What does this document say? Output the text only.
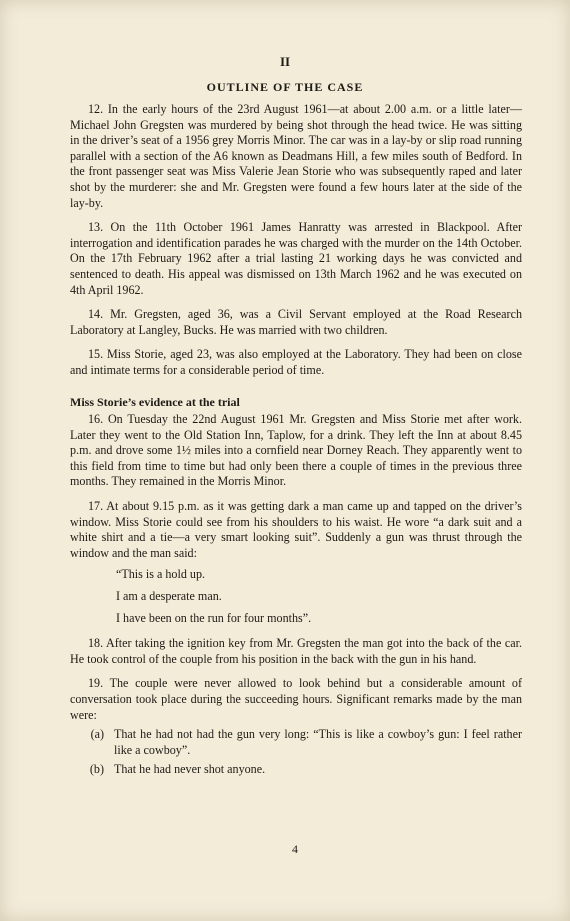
II
OUTLINE OF THE CASE

12. In the early hours of the 23rd August 1961—at about 2.00 a.m. or a little later—Michael John Gregsten was murdered by being shot through the head twice. He was sitting in the driver’s seat of a 1956 grey Morris Minor. The car was in a lay-by or slip road running parallel with a section of the A6 known as Deadmans Hill, a few miles south of Bedford. In the front passenger seat was Miss Valerie Jean Storie who was subsequently raped and later shot by the murderer: she and Mr. Gregsten were found a few hours later at the side of the lay-by.

13. On the 11th October 1961 James Hanratty was arrested in Blackpool. After interrogation and identification parades he was charged with the murder on the 14th October. On the 17th February 1962 after a trial lasting 21 working days he was convicted and sentenced to death. His appeal was dismissed on 13th March 1962 and he was executed on 4th April 1962.

14. Mr. Gregsten, aged 36, was a Civil Servant employed at the Road Research Laboratory at Langley, Bucks. He was married with two children.

15. Miss Storie, aged 23, was also employed at the Laboratory. They had been on close and intimate terms for a considerable period of time.

Miss Storie’s evidence at the trial

16. On Tuesday the 22nd August 1961 Mr. Gregsten and Miss Storie met after work. Later they went to the Old Station Inn, Taplow, for a drink. They left the Inn at about 8.45 p.m. and drove some 1½ miles into a cornfield near Dorney Reach. They apparently went to this field from time to time but had only been there a couple of times in the previous three months. They remained in the Morris Minor.

17. At about 9.15 p.m. as it was getting dark a man came up and tapped on the driver’s window. Miss Storie could see from his shoulders to his waist. He wore “a dark suit and a white shirt and a tie—a very smart looking suit”. Suddenly a gun was thrust through the window and the man said:

“This is a hold up.
I am a desperate man.
I have been on the run for four months”.

18. After taking the ignition key from Mr. Gregsten the man got into the back of the car. He took control of the couple from his position in the back with the gun in his hand.

19. The couple were never allowed to look behind but a considerable amount of conversation took place during the succeeding hours. Significant remarks made by the man were:

(a) That he had not had the gun very long: “This is like a cowboy’s gun: I feel rather like a cowboy”.
(b) That he had never shot anyone.
4
